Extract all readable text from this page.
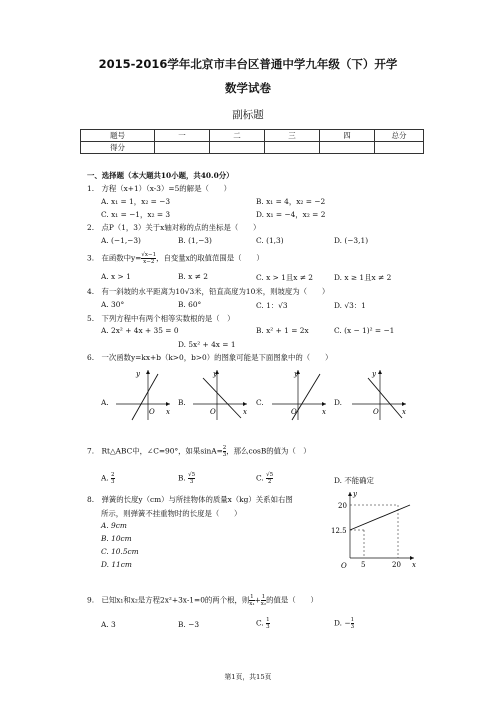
2015-2016学年北京市丰台区普通中学九年级（下）开学
数学试卷
副标题
题号	一	二	三	四	总分
得分					
一、选择题（本大题共10小题，共40.0分）
1.　方程（x+1）（x-3）=5的解是（　　）
A. x₁ = 1，x₂ = −3	B. x₁ = 4，x₂ = −2
C. x₁ = −1，x₂ = 3	D. x₁ = −4，x₂ = 2
2.　点P（1，3）关于x轴对称的点的坐标是（　　）
A. (−1,−3)	B. (1,−3)	C. (1,3)	D. (−3,1)
3.　在函数中$y= \frac{√x-1}{x-2}$ ，自变量x的取值范围是（　　）
A. x > 1	B. x ≠ 2	C. x > 1且x ≠ 2	D. x ≥ 1且x ≠ 2
4.　有一斜坡的水平距离为10√3米，铅直高度为10米，则坡度为（　　）
A. 30°	B. 60°	C. 1：√3	D. √3：1
5.　下列方程中有两个相等实数根的是（　）
A. 2x² + 4x + 35 = 0	B. x² + 1 = 2x	C. (x − 1)² = −1
D. 5x² + 4x = 1
6.　一次函数y=kx+b（k>0，b>0）的图象可能是下面图象中的（　　）
A.	B.	C.	D.
y
x
O
y
x
O
y
x
O
y
x
O
7.　Rt△ABC中，∠C=90°，如果$\sin A= \frac{2}{3}$ ，那么cosB的值为（　）
A. $\frac{2}{3}$	B. $\frac{√5}{3}$	C. $\frac{√5}{2}$	D. 不能确定
8.　弹簧的长度y（cm）与所挂物体的质量x（kg）关系如右图
所示，则弹簧不挂重物时的长度是（　　）
A. 9cm
B. 10cm
C. 10.5cm
D. 11cm
y
x
O
20
12.5
5	20
9.　已知x₁和x₂是方程2x²+3x-1=0的两个根，则 $\frac{1}{\text{x₁}} + \frac{1}{\text{x₂}}$ 的值是（　　）
A. 3	B. −3	C. $\frac{1}{3}$	D. − $\frac{1}{3}$
第1页，共15页
